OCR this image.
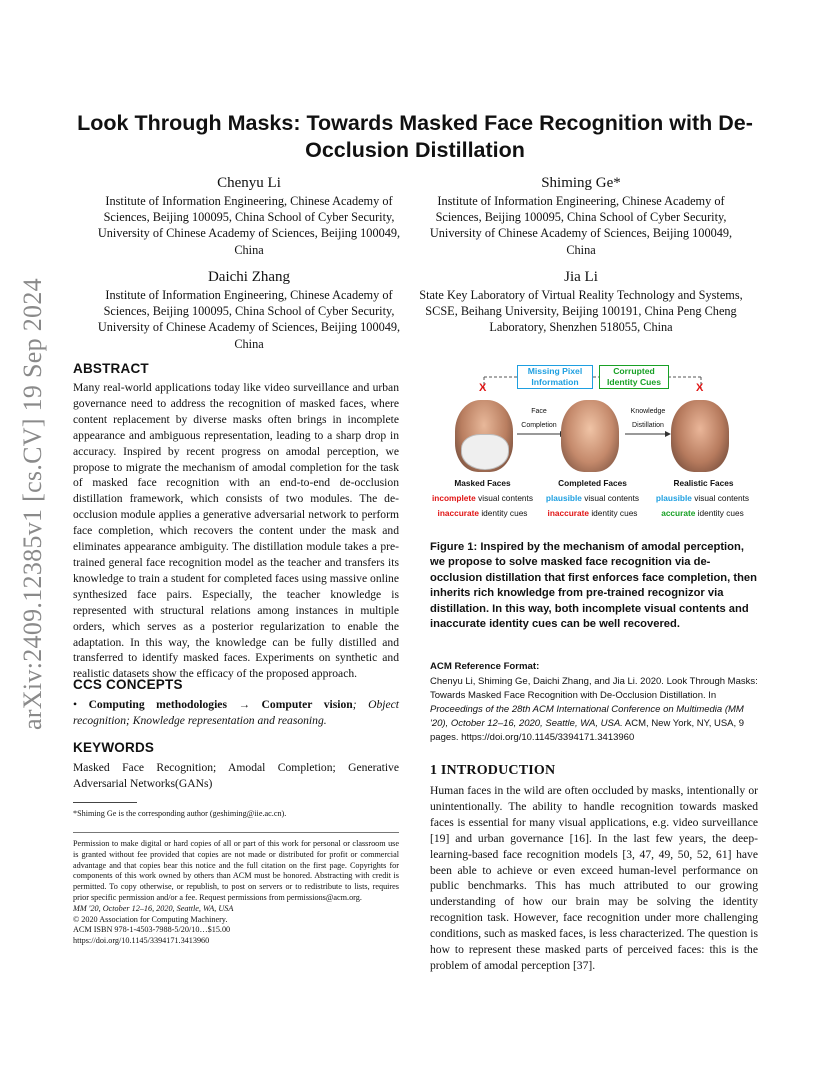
arXiv:2409.12385v1 [cs.CV] 19 Sep 2024
Look Through Masks: Towards Masked Face Recognition with De-Occlusion Distillation
Chenyu Li
Institute of Information Engineering, Chinese Academy of Sciences, Beijing 100095, China School of Cyber Security, University of Chinese Academy of Sciences, Beijing 100049, China
Shiming Ge*
Institute of Information Engineering, Chinese Academy of Sciences, Beijing 100095, China School of Cyber Security, University of Chinese Academy of Sciences, Beijing 100049, China
Daichi Zhang
Institute of Information Engineering, Chinese Academy of Sciences, Beijing 100095, China School of Cyber Security, University of Chinese Academy of Sciences, Beijing 100049, China
Jia Li
State Key Laboratory of Virtual Reality Technology and Systems, SCSE, Beihang University, Beijing 100191, China Peng Cheng Laboratory, Shenzhen 518055, China
ABSTRACT
Many real-world applications today like video surveillance and urban governance need to address the recognition of masked faces, where content replacement by diverse masks often brings in incomplete appearance and ambiguous representation, leading to a sharp drop in accuracy. Inspired by recent progress on amodal perception, we propose to migrate the mechanism of amodal completion for the task of masked face recognition with an end-to-end de-occlusion distillation framework, which consists of two modules. The de-occlusion module applies a generative adversarial network to perform face completion, which recovers the content under the mask and eliminates appearance ambiguity. The distillation module takes a pre-trained general face recognition model as the teacher and transfers its knowledge to train a student for completed faces using massive online synthesized face pairs. Especially, the teacher knowledge is represented with structural relations among instances in multiple orders, which serves as a posterior regularization to enable the adaptation. In this way, the knowledge can be fully distilled and transferred to identify masked faces. Experiments on synthetic and realistic datasets show the efficacy of the proposed approach.
CCS CONCEPTS
• Computing methodologies → Computer vision; Object recognition; Knowledge representation and reasoning.
KEYWORDS
Masked Face Recognition; Amodal Completion; Generative Adversarial Networks(GANs)
*Shiming Ge is the corresponding author (geshiming@iie.ac.cn).
Permission to make digital or hard copies of all or part of this work for personal or classroom use is granted without fee provided that copies are not made or distributed for profit or commercial advantage and that copies bear this notice and the full citation on the first page. Copyrights for components of this work owned by others than ACM must be honored. Abstracting with credit is permitted. To copy otherwise, or republish, to post on servers or to redistribute to lists, requires prior specific permission and/or a fee. Request permissions from permissions@acm.org.
MM '20, October 12–16, 2020, Seattle, WA, USA
© 2020 Association for Computing Machinery.
ACM ISBN 978-1-4503-7988-5/20/10…$15.00
https://doi.org/10.1145/3394171.3413960
Missing Pixel Information
Corrupted Identity Cues
X	X
Face
Completion
Knowledge
Distillation
Masked Faces	Completed Faces	Realistic Faces
incomplete visual contents	plausible visual contents	plausible visual contents
inaccurate identity cues	inaccurate identity cues	accurate identity cues
Figure 1: Inspired by the mechanism of amodal perception, we propose to solve masked face recognition via de-occlusion distillation that first enforces face completion, then inherits rich knowledge from pre-trained recognizor via distillation. In this way, both incomplete visual contents and inaccurate identity cues can be well recovered.
ACM Reference Format:
Chenyu Li, Shiming Ge, Daichi Zhang, and Jia Li. 2020. Look Through Masks: Towards Masked Face Recognition with De-Occlusion Distillation. In Proceedings of the 28th ACM International Conference on Multimedia (MM '20), October 12–16, 2020, Seattle, WA, USA. ACM, New York, NY, USA, 9 pages. https://doi.org/10.1145/3394171.3413960
1 INTRODUCTION
Human faces in the wild are often occluded by masks, intentionally or unintentionally. The ability to handle recognition towards masked faces is essential for many visual applications, e.g. video surveillance [19] and urban governance [16]. In the last few years, the deep-learning-based face recognition models [3, 47, 49, 50, 52, 61] have been able to achieve or even exceed human-level performance on public benchmarks. This has much attributed to our growing understanding of how our brain may be solving the identity recognition task. However, face recognition under more challenging conditions, such as masked faces, is less characterized. The question is how to represent these masked parts of perceived faces: this is the problem of amodal perception [37].
